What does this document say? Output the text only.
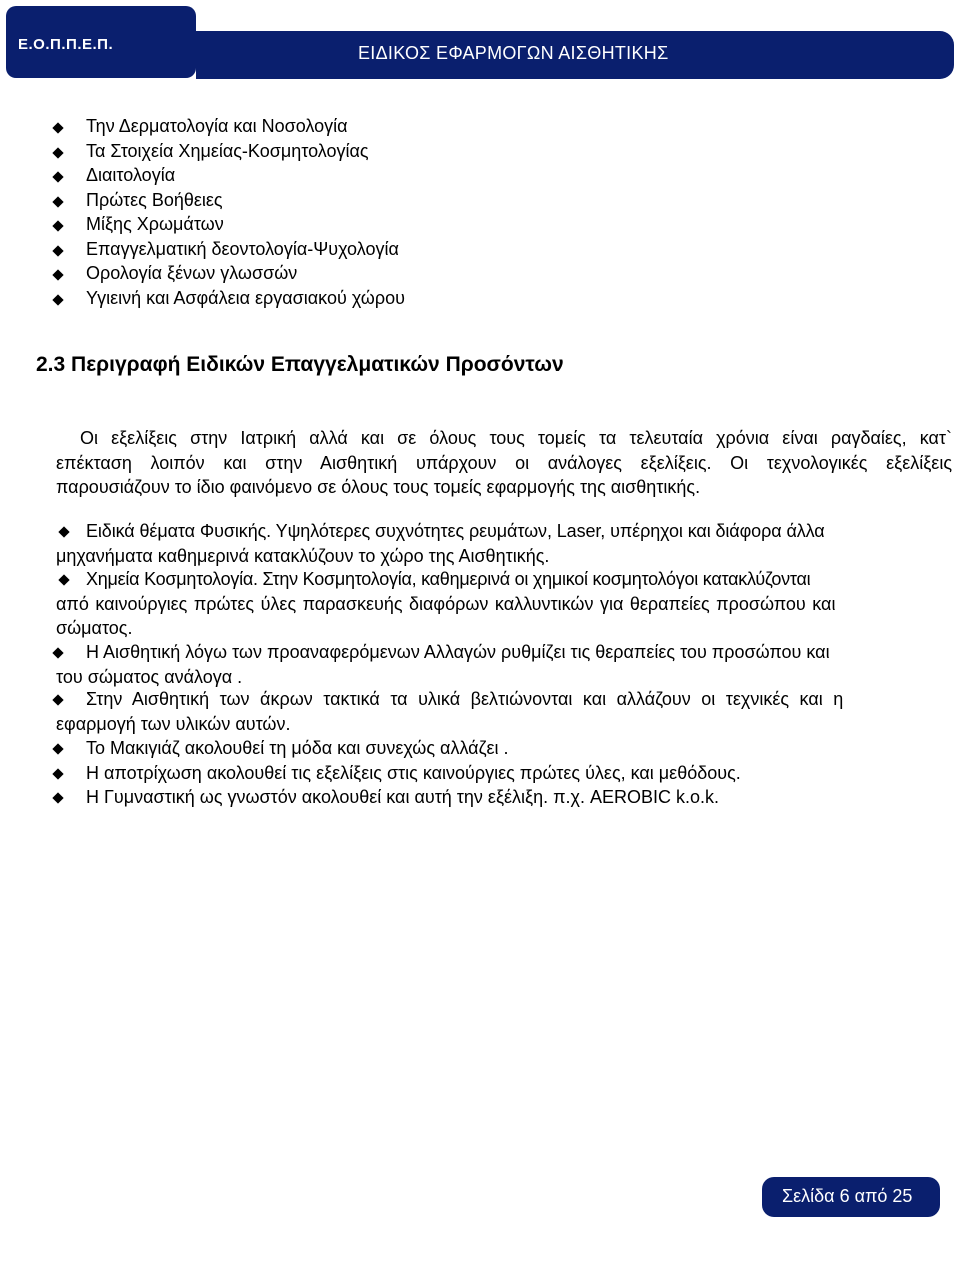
Ε.Ο.Π.Π.Ε.Π.	ΕΙΔΙΚΟΣ ΕΦΑΡΜΟΓΩΝ ΑΙΣΘΗΤΙΚΗΣ
Την Δερματολογία και Νοσολογία
Τα Στοιχεία Χημείας-Κοσμητολογίας
Διαιτολογία
Πρώτες Βοήθειες
Μίξης Χρωμάτων
Επαγγελματική δεοντολογία-Ψυχολογία
Ορολογία ξένων γλωσσών
Υγιεινή και Ασφάλεια εργασιακού χώρου
2.3 Περιγραφή Ειδικών Επαγγελματικών Προσόντων
Οι εξελίξεις στην Ιατρική αλλά και σε όλους τους τομείς τα τελευταία χρόνια είναι ραγδαίες, κατ`
επέκταση λοιπόν και στην Αισθητική υπάρχουν οι ανάλογες εξελίξεις. Οι τεχνολογικές εξελίξεις
παρουσιάζουν το ίδιο φαινόμενο σε όλους τους τομείς εφαρμογής της αισθητικής.
Ειδικά θέματα Φυσικής. Υψηλότερες συχνότητες ρευμάτων, Laser, υπέρηχοι και διάφορα άλλα
μηχανήματα καθημερινά κατακλύζουν το χώρο της Αισθητικής.
Χημεία Κοσμητολογία. Στην Κοσμητολογία, καθημερινά οι χημικοί κοσμητολόγοι κατακλύζονται
από καινούργιες πρώτες ύλες παρασκευής διαφόρων καλλυντικών για θεραπείες προσώπου και
σώματος.
Η Αισθητική λόγω των προαναφερόμενων Αλλαγών ρυθμίζει τις θεραπείες του προσώπου και
του σώματος ανάλογα .
Στην Αισθητική των άκρων τακτικά τα υλικά βελτιώνονται και αλλάζουν οι τεχνικές και η
εφαρμογή των υλικών αυτών.
Το Μακιγιάζ ακολουθεί τη μόδα και συνεχώς αλλάζει .
Η αποτρίχωση ακολουθεί τις εξελίξεις στις καινούργιες πρώτες ύλες, και μεθόδους.
Η Γυμναστική ως γνωστόν ακολουθεί και αυτή την εξέλιξη. π.χ. AEROBIC k.o.k.
Σελίδα 6 από 25
